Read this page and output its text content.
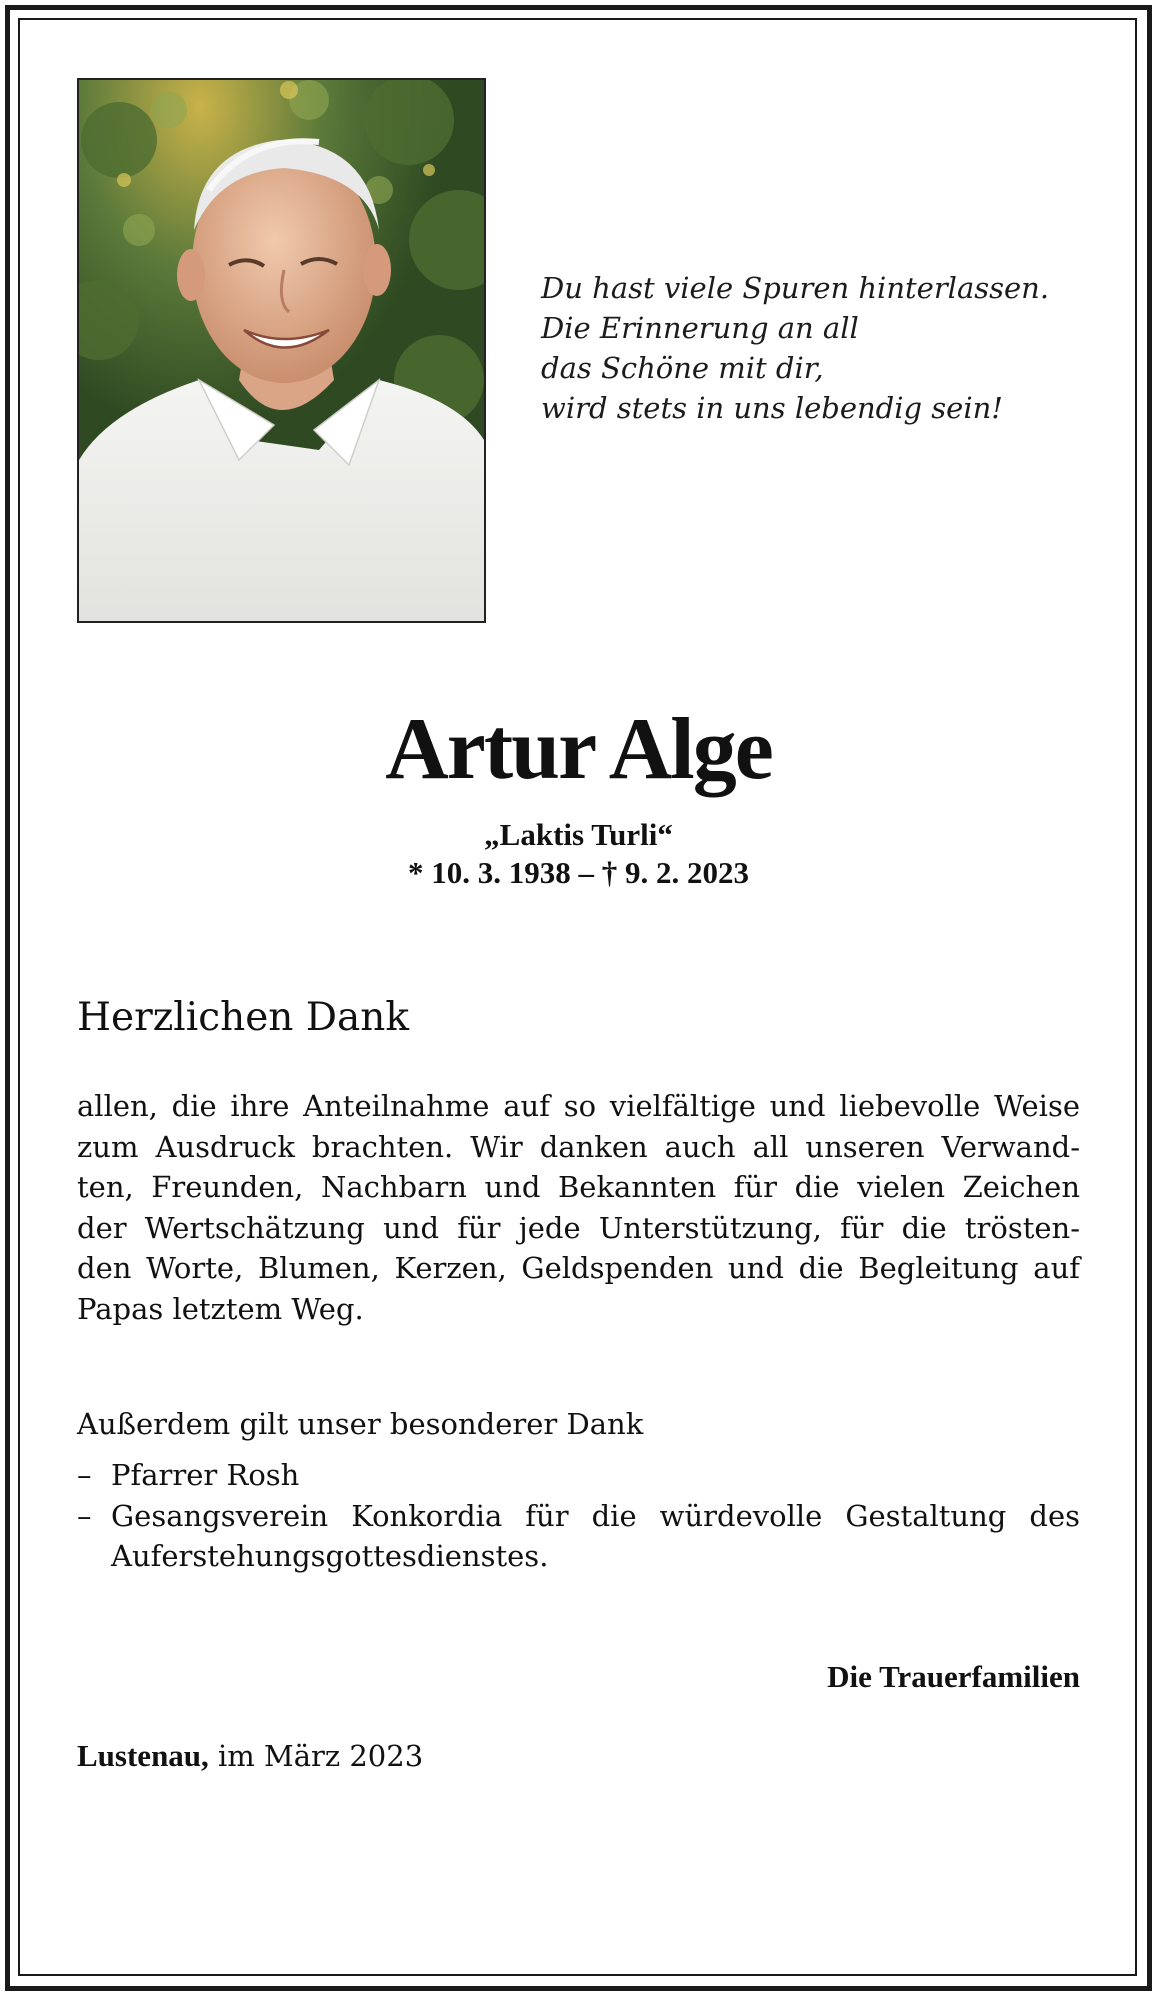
Du hast viele Spuren hinterlassen.
Die Erinnerung an all
das Schöne mit dir,
wird stets in uns lebendig sein!
Artur Alge
„Laktis Turli“
* 10. 3. 1938 – † 9. 2. 2023
Herzlichen Dank
allen, die ihre Anteilnahme auf so vielfältige und liebevolle Weise
zum Ausdruck brachten. Wir danken auch all unseren Verwand-
ten, Freunden, Nachbarn und Bekannten für die vielen Zeichen
der Wertschätzung und für jede Unterstützung, für die trösten-
den Worte, Blumen, Kerzen, Geldspenden und die Begleitung auf
Papas letztem Weg.
Außerdem gilt unser besonderer Dank
– Pfarrer Rosh
– Gesangsverein Konkordia für die würdevolle Gestaltung des
Auferstehungsgottesdienstes.
Die Trauerfamilien
Lustenau, im März 2023
